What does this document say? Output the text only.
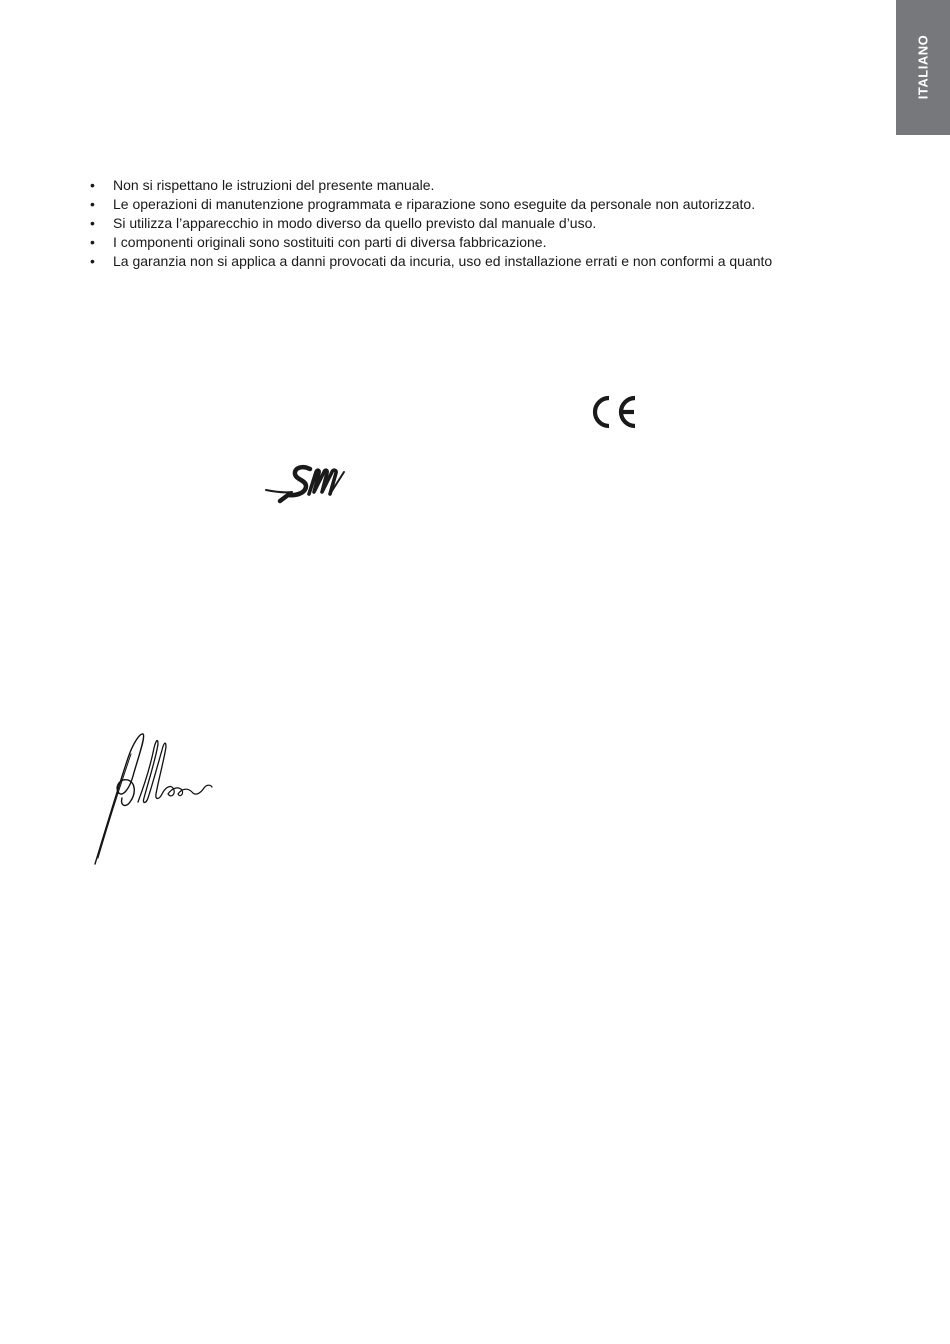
ITALIANO
• Non si rispettano le istruzioni del presente manuale.
• Le operazioni di manutenzione programmata e riparazione sono eseguite da personale non autorizzato.
• Si utilizza l’apparecchio in modo diverso da quello previsto dal manuale d’uso.
• I componenti originali sono sostituiti con parti di diversa fabbricazione.
• La garanzia non si applica a danni provocati da incuria, uso ed installazione errati e non conformi a quanto
